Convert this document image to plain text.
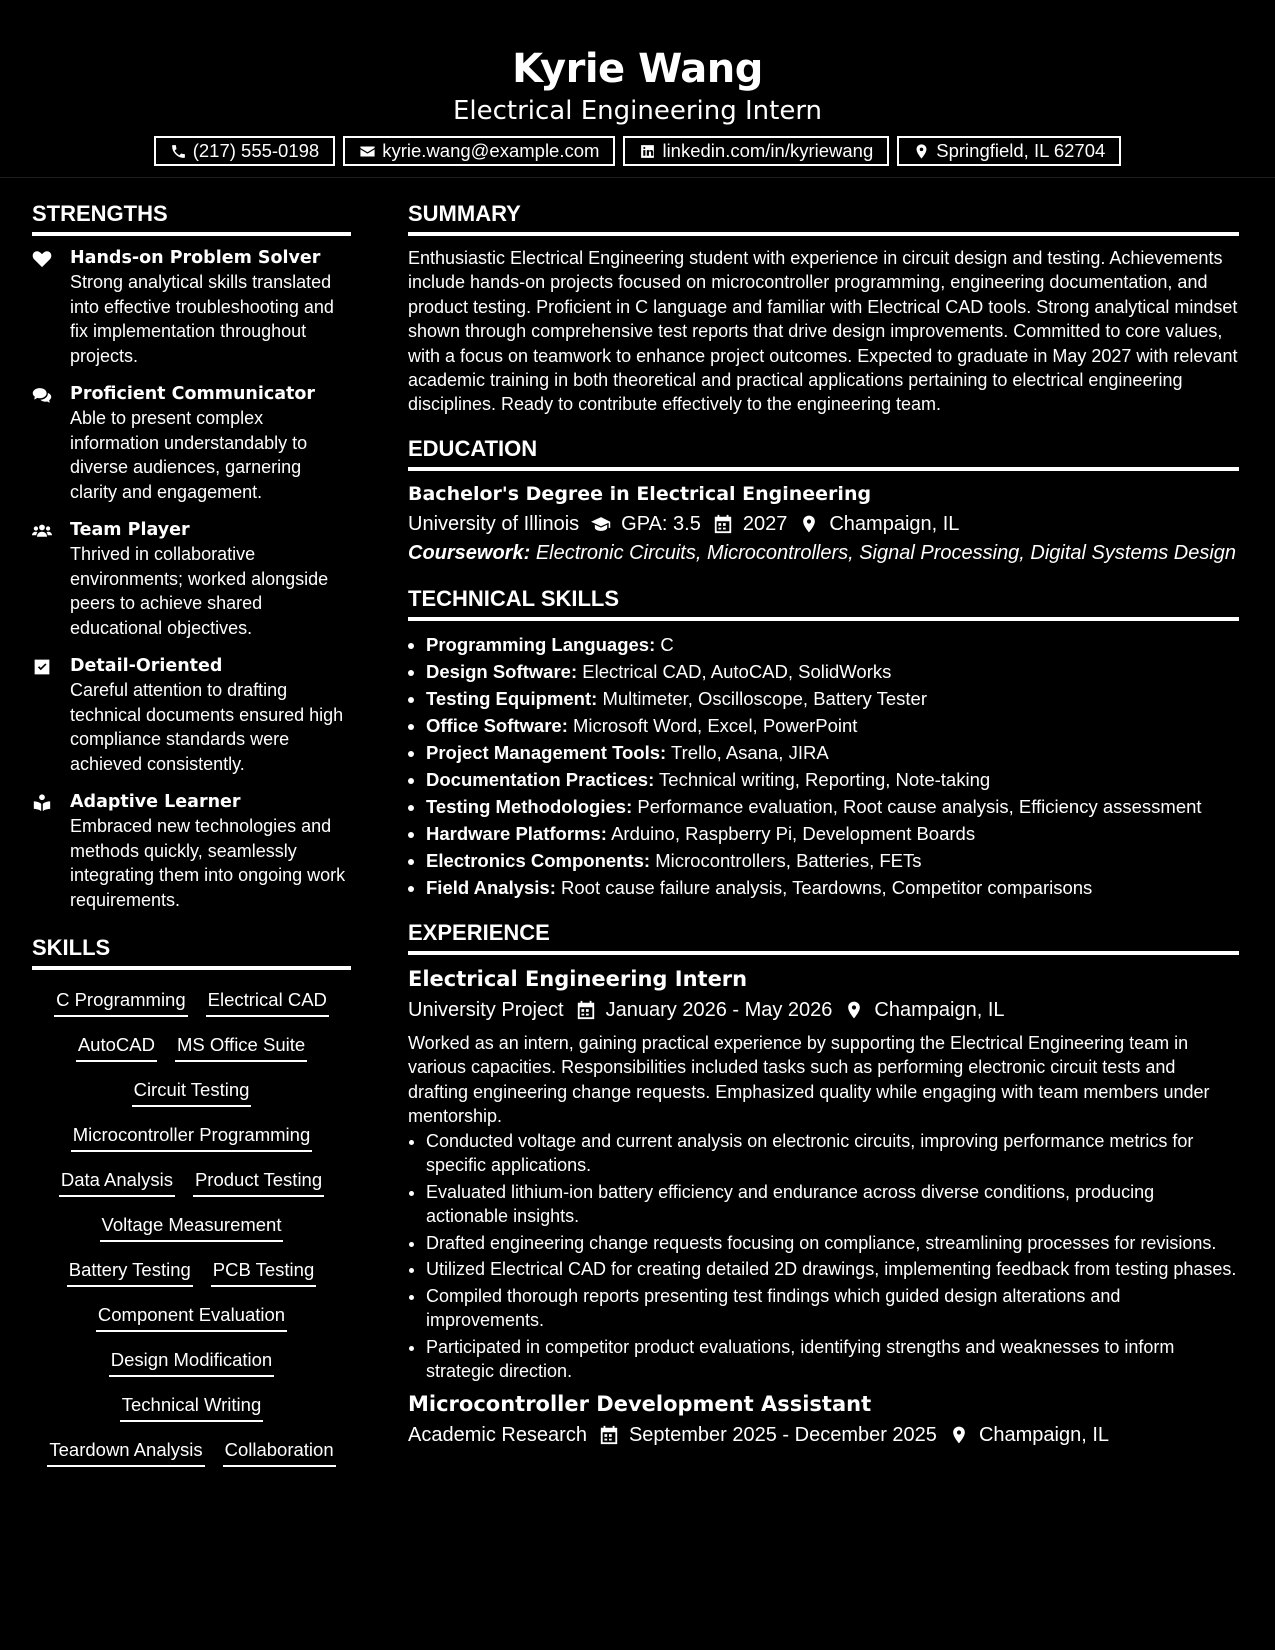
Kyrie Wang
Electrical Engineering Intern
(217) 555-0198	kyrie.wang@example.com	linkedin.com/in/kyriewang	Springfield, IL 62704
STRENGTHS
Hands-on Problem Solver
Strong analytical skills translated into effective troubleshooting and fix implementation throughout projects.
Proficient Communicator
Able to present complex information understandably to diverse audiences, garnering clarity and engagement.
Team Player
Thrived in collaborative environments; worked alongside peers to achieve shared educational objectives.
Detail-Oriented
Careful attention to drafting technical documents ensured high compliance standards were achieved consistently.
Adaptive Learner
Embraced new technologies and methods quickly, seamlessly integrating them into ongoing work requirements.
SKILLS
C Programming Electrical CAD
AutoCAD MS Office Suite
Circuit Testing
Microcontroller Programming
Data Analysis Product Testing
Voltage Measurement
Battery Testing PCB Testing
Component Evaluation
Design Modification
Technical Writing
Teardown Analysis Collaboration
SUMMARY
Enthusiastic Electrical Engineering student with experience in circuit design and testing. Achievements include hands-on projects focused on microcontroller programming, engineering documentation, and product testing. Proficient in C language and familiar with Electrical CAD tools. Strong analytical mindset shown through comprehensive test reports that drive design improvements. Committed to core values, with a focus on teamwork to enhance project outcomes. Expected to graduate in May 2027 with relevant academic training in both theoretical and practical applications pertaining to electrical engineering disciplines. Ready to contribute effectively to the engineering team.
EDUCATION
Bachelor's Degree in Electrical Engineering
University of Illinois GPA: 3.5 2027 Champaign, IL
Coursework: Electronic Circuits, Microcontrollers, Signal Processing, Digital Systems Design
TECHNICAL SKILLS
• Programming Languages: C
• Design Software: Electrical CAD, AutoCAD, SolidWorks
• Testing Equipment: Multimeter, Oscilloscope, Battery Tester
• Office Software: Microsoft Word, Excel, PowerPoint
• Project Management Tools: Trello, Asana, JIRA
• Documentation Practices: Technical writing, Reporting, Note-taking
• Testing Methodologies: Performance evaluation, Root cause analysis, Efficiency assessment
• Hardware Platforms: Arduino, Raspberry Pi, Development Boards
• Electronics Components: Microcontrollers, Batteries, FETs
• Field Analysis: Root cause failure analysis, Teardowns, Competitor comparisons
EXPERIENCE
Electrical Engineering Intern
University Project January 2026 - May 2026 Champaign, IL
Worked as an intern, gaining practical experience by supporting the Electrical Engineering team in various capacities. Responsibilities included tasks such as performing electronic circuit tests and drafting engineering change requests. Emphasized quality while engaging with team members under mentorship.
• Conducted voltage and current analysis on electronic circuits, improving performance metrics for specific applications.
• Evaluated lithium-ion battery efficiency and endurance across diverse conditions, producing actionable insights.
• Drafted engineering change requests focusing on compliance, streamlining processes for revisions.
• Utilized Electrical CAD for creating detailed 2D drawings, implementing feedback from testing phases.
• Compiled thorough reports presenting test findings which guided design alterations and improvements.
• Participated in competitor product evaluations, identifying strengths and weaknesses to inform strategic direction.
Microcontroller Development Assistant
Academic Research September 2025 - December 2025 Champaign, IL
